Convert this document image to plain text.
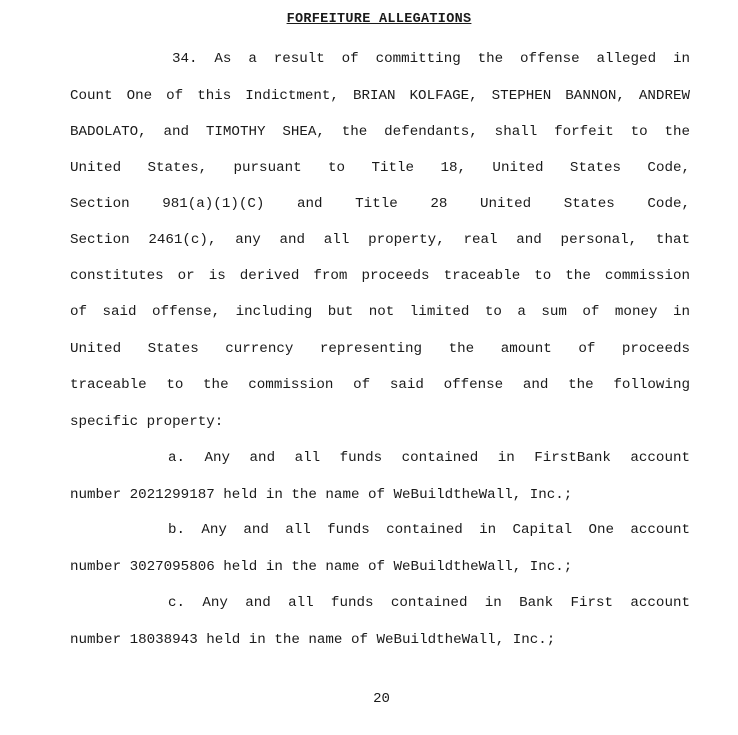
FORFEITURE ALLEGATIONS
34. As a result of committing the offense alleged in
Count One of this Indictment, BRIAN KOLFAGE, STEPHEN BANNON, ANDREW
BADOLATO, and TIMOTHY SHEA, the defendants, shall forfeit to the
United States, pursuant to Title 18, United States Code,
Section 981(a)(1)(C) and Title 28 United States Code,
Section 2461(c), any and all property, real and personal, that
constitutes or is derived from proceeds traceable to the commission
of said offense, including but not limited to a sum of money in
United States currency representing the amount of proceeds
traceable to the commission of said offense and the following
specific property:
a. Any and all funds contained in FirstBank account
number 2021299187 held in the name of WeBuildtheWall, Inc.;
b. Any and all funds contained in Capital One account
number 3027095806 held in the name of WeBuildtheWall, Inc.;
c. Any and all funds contained in Bank First account
number 18038943 held in the name of WeBuildtheWall, Inc.;
20
